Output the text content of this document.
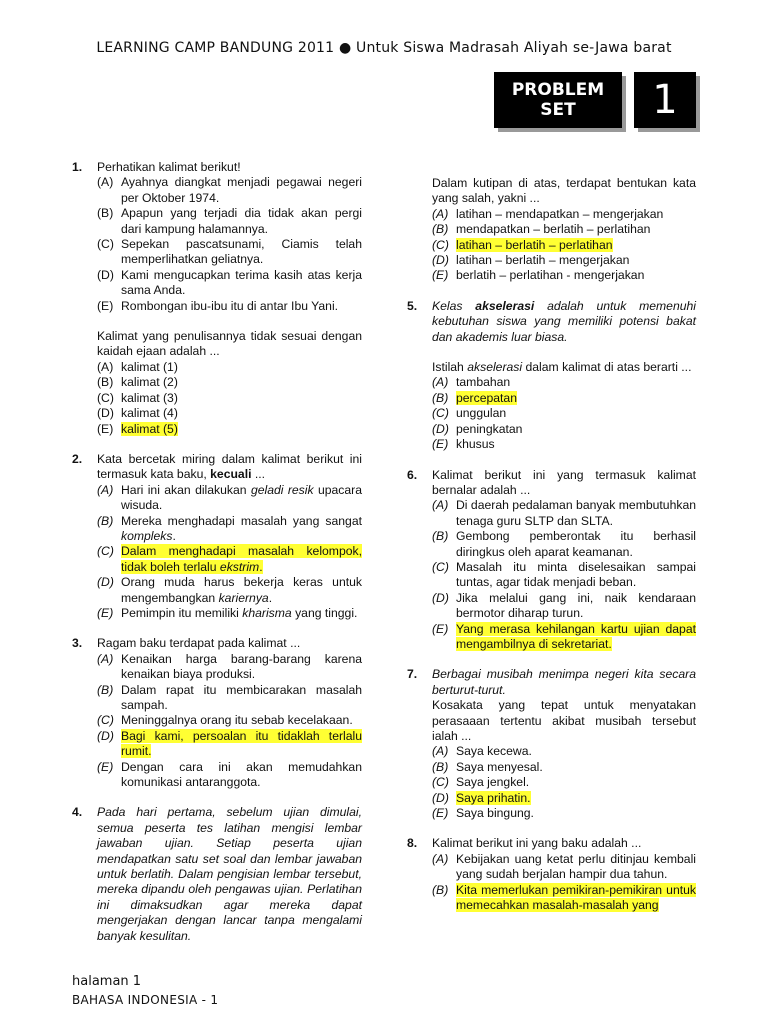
LEARNING CAMP BANDUNG 2011 ● Untuk Siswa Madrasah Aliyah se-Jawa barat
PROBLEM
SET	1
1. Perhatikan kalimat berikut!

(A) Ayahnya diangkat menjadi pegawai negeri per Oktober 1974.
(B) Apapun yang terjadi dia tidak akan pergi dari kampung halamannya.
(C) Sepekan pascatsunami, Ciamis telah memperlihatkan geliatnya.
(D) Kami mengucapkan terima kasih atas kerja sama Anda.
(E) Rombongan ibu-ibu itu di antar Ibu Yani.

Kalimat yang penulisannya tidak sesuai dengan kaidah ejaan adalah ...

(A) kalimat (1)
(B) kalimat (2)
(C) kalimat (3)
(D) kalimat (4)
(E) kalimat (5)
2. Kata bercetak miring dalam kalimat berikut ini termasuk kata baku, kecuali ...

(A) Hari ini akan dilakukan geladi resik upacara wisuda.
(B) Mereka menghadapi masalah yang sangat kompleks.
(C) Dalam menghadapi masalah kelompok, tidak boleh terlalu ekstrim.
(D) Orang muda harus bekerja keras untuk mengembangkan kariernya.
(E) Pemimpin itu memiliki kharisma yang tinggi.
3. Ragam baku terdapat pada kalimat ...

(A) Kenaikan harga barang-barang karena kenaikan biaya produksi.
(B) Dalam rapat itu membicarakan masalah sampah.
(C) Meninggalnya orang itu sebab kecelakaan.
(D) Bagi kami, persoalan itu tidaklah terlalu rumit.
(E) Dengan cara ini akan memudahkan komunikasi antaranggota.
4. Pada hari pertama, sebelum ujian dimulai, semua peserta tes latihan mengisi lembar jawaban ujian. Setiap peserta ujian mendapatkan satu set soal dan lembar jawaban untuk berlatih. Dalam pengisian lembar tersebut, mereka dipandu oleh pengawas ujian. Perlatihan ini dimaksudkan agar mereka dapat mengerjakan dengan lancar tanpa mengalami banyak kesulitan.

Dalam kutipan di atas, terdapat bentukan kata yang salah, yakni ...

(A) latihan – mendapatkan – mengerjakan
(B) mendapatkan – berlatih – perlatihan
(C) latihan – berlatih – perlatihan
(D) latihan – berlatih – mengerjakan
(E) berlatih – perlatihan - mengerjakan
5. Kelas akselerasi adalah untuk memenuhi kebutuhan siswa yang memiliki potensi bakat dan akademis luar biasa.

Istilah akselerasi dalam kalimat di atas berarti ...

(A) tambahan
(B) percepatan
(C) unggulan
(D) peningkatan
(E) khusus
6. Kalimat berikut ini yang termasuk kalimat bernalar adalah ...

(A) Di daerah pedalaman banyak membutuhkan tenaga guru SLTP dan SLTA.
(B) Gembong pemberontak itu berhasil diringkus oleh aparat keamanan.
(C) Masalah itu minta diselesaikan sampai tuntas, agar tidak menjadi beban.
(D) Jika melalui gang ini, naik kendaraan bermotor diharap turun.
(E) Yang merasa kehilangan kartu ujian dapat mengambilnya di sekretariat.
7. Berbagai musibah menimpa negeri kita secara berturut-turut.

Kosakata yang tepat untuk menyatakan perasaaan tertentu akibat musibah tersebut ialah ...

(A) Saya kecewa.
(B) Saya menyesal.
(C) Saya jengkel.
(D) Saya prihatin.
(E) Saya bingung.
8. Kalimat berikut ini yang baku adalah ...

(A) Kebijakan uang ketat perlu ditinjau kembali yang sudah berjalan hampir dua tahun.
(B) Kita memerlukan pemikiran-pemikiran untuk memecahkan masalah-masalah yang
halaman 1
BAHASA INDONESIA - 1
